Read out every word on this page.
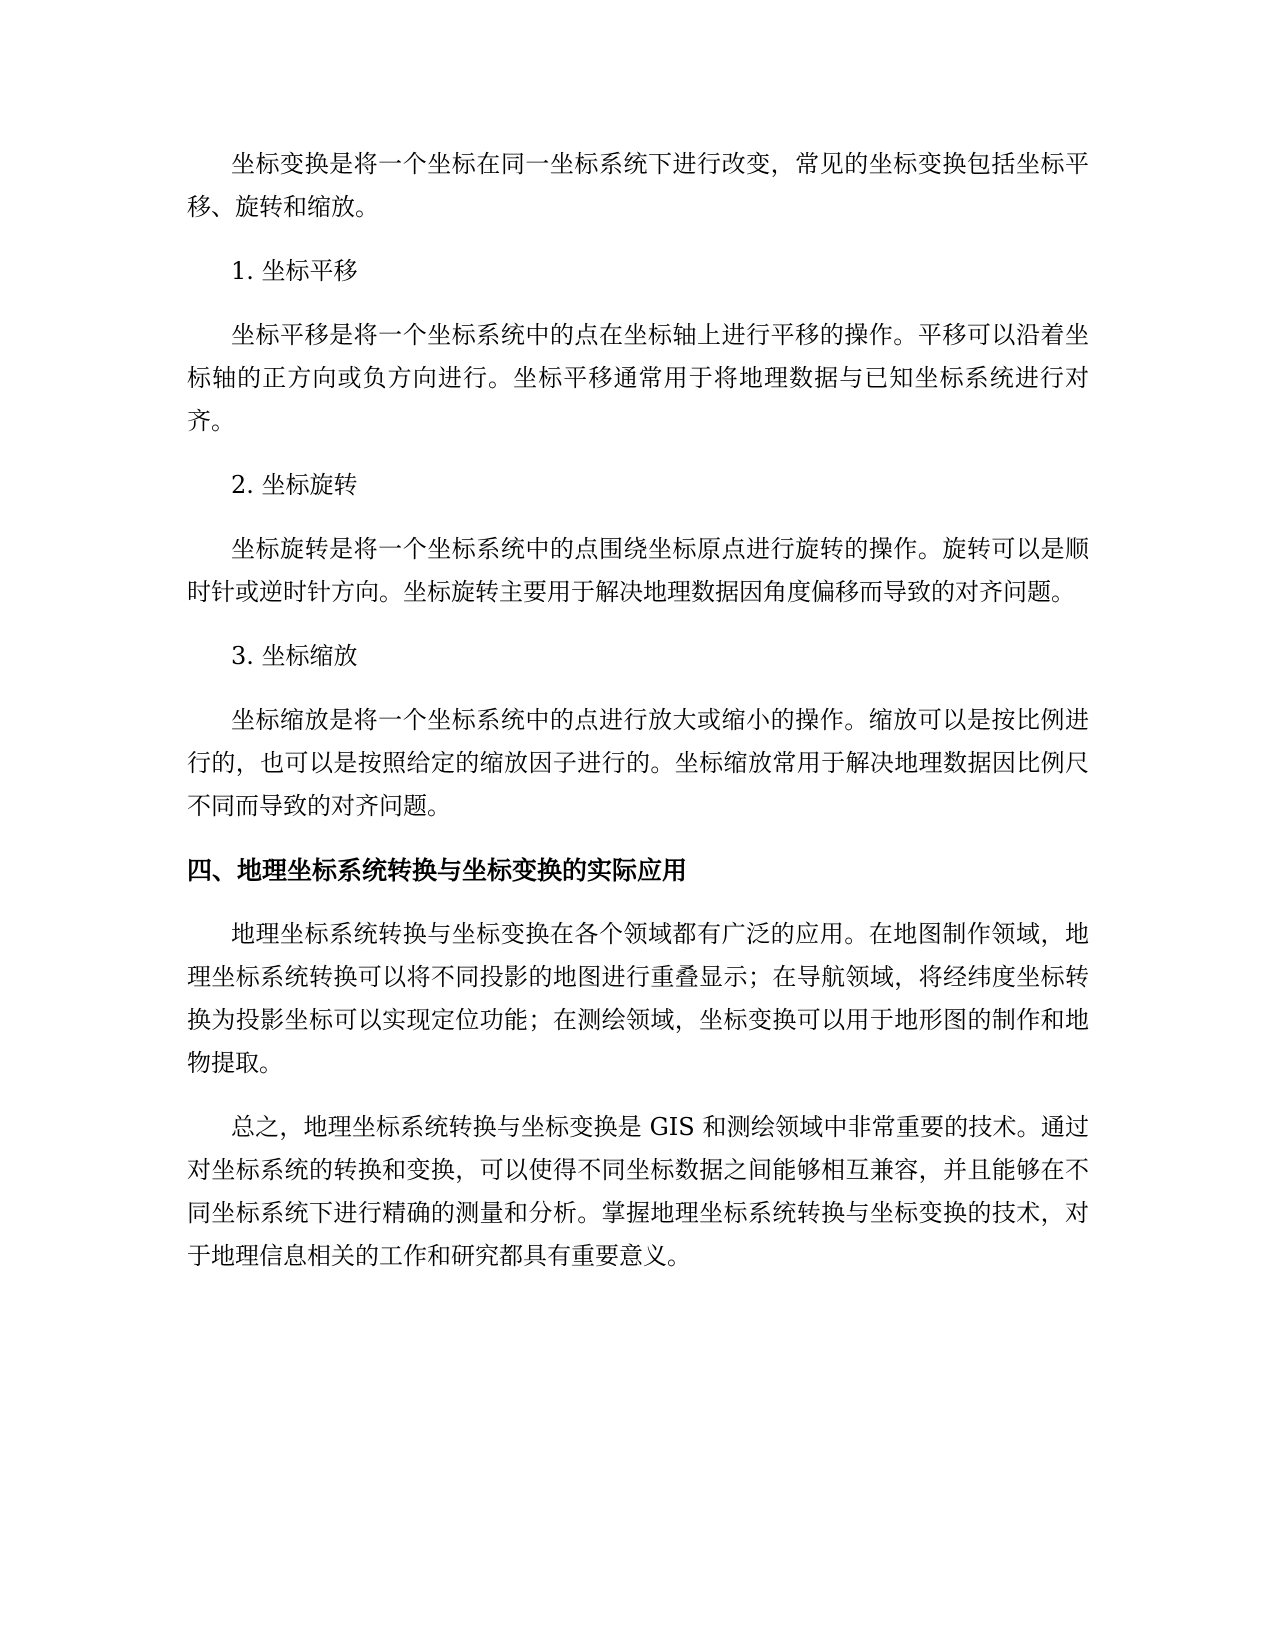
坐标变换是将一个坐标在同一坐标系统下进行改变，常见的坐标变换包括坐标平移、旋转和缩放。

1. 坐标平移

坐标平移是将一个坐标系统中的点在坐标轴上进行平移的操作。平移可以沿着坐标轴的正方向或负方向进行。坐标平移通常用于将地理数据与已知坐标系统进行对齐。

2. 坐标旋转

坐标旋转是将一个坐标系统中的点围绕坐标原点进行旋转的操作。旋转可以是顺时针或逆时针方向。坐标旋转主要用于解决地理数据因角度偏移而导致的对齐问题。

3. 坐标缩放

坐标缩放是将一个坐标系统中的点进行放大或缩小的操作。缩放可以是按比例进行的，也可以是按照给定的缩放因子进行的。坐标缩放常用于解决地理数据因比例尺不同而导致的对齐问题。

四、地理坐标系统转换与坐标变换的实际应用

地理坐标系统转换与坐标变换在各个领域都有广泛的应用。在地图制作领域，地理坐标系统转换可以将不同投影的地图进行重叠显示；在导航领域，将经纬度坐标转换为投影坐标可以实现定位功能；在测绘领域，坐标变换可以用于地形图的制作和地物提取。

总之，地理坐标系统转换与坐标变换是 GIS 和测绘领域中非常重要的技术。通过对坐标系统的转换和变换，可以使得不同坐标数据之间能够相互兼容，并且能够在不同坐标系统下进行精确的测量和分析。掌握地理坐标系统转换与坐标变换的技术，对于地理信息相关的工作和研究都具有重要意义。
